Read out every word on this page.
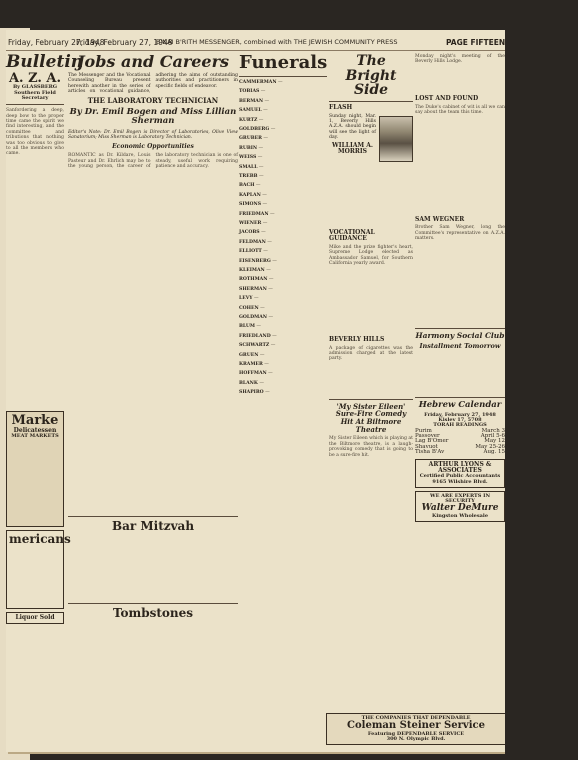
Friday, February 27, 1948
Friday, February 27, 1948
B'NAI B'RITH MESSENGER, combined with THE JEWISH COMMUNITY PRESS	PAGE FIFTEEN
Bulletin
A. Z. A.
By GLASSBERG
Southern Field Secretary
Sanfordering a deep, deep bow to the proper time came the spirit we find interesting, and the committee and tributions that nothing was too obvious to give to all the members who came.
Marke
Delicatessen
MEAT MARKETS
mericans
Liquor Sold
Jobs and Careers
The Messenger and the Vocational Counseling Bureau present herewith another in the series of articles on vocational guidance, adhering the aims of outstanding authorities and practitioners in specific fields of endeavor.
THE LABORATORY TECHNICIAN
By Dr. Emil Bogen and Miss Lillian Sherman
Editor's Note: Dr. Emil Bogen is Director of Laboratories, Olive View Sanatorium; Miss Sherman is Laboratory Technician.
Economic Opportunities
ROMANTIC as Dr. Kildare, Louis Pasteur and Dr. Ehrlich may be to the young person, the career of the laboratory technician is one of steady, useful work requiring patience and accuracy.
Bar Mitzvah
Tombstones
Funerals
CAMMERMAN —
TOBIAS —
BERMAN —
SAMUEL —
KURTZ —
GOLDBERG —
GRUBER —
RUBIN —
WEISS —
SMALL —
TREBB —
BACH —
KAPLAN —
SIMONS —
FRIEDMAN —
WIENER —
JACOBS —
FELDMAN —
ELLIOTT —
EISENBERG —
KLEIMAN —
ROTHMAN —
SHERMAN —
LEVY —
COHEN —
GOLDMAN —
BLUM —
FRIEDLAND —
SCHWARTZ —
GRUEN —
KRAMER —
HOFFMAN —
BLANK —
SHAPIRO —
The Bright Side
FLASH
Sunday night, Mar. 1, Beverly Hills A.Z.A. should begin will see the light of day.
WILLIAM A. MORRIS
VOCATIONAL GUIDANCE
Mike and the prize fighter's heart, Supreme Lodge elected as Ambassador Samuel, for Southern California yearly award.
BEVERLY HILLS
A package of cigarettes was the admission charged at the latest party.
'My Sister Eileen' Sure-Fire Comedy Hit At Biltmore Theatre
My Sister Eileen which is playing at the Biltmore theatre, is a laugh-provoking comedy that is going to be a sure-fire hit.
Monday night's meeting of the Beverly Hills Lodge.
LOST AND FOUND
The Duke's cabinet of wit is all we can say about the team this time.
SAM WEGNER
Brother Sam Wegner, long the Committee's representative on A.Z.A. matters.
Harmony Social Club
Installment Tomorrow
Hebrew Calendar
Friday, February 27, 1948
Kislev 17, 5708
TORAH READINGS
Purim	March 3
Passover	April 5-6
Lag B'Omer	May 12
Shavuot	May 25-26
Tisha B'Av	Aug. 15
ARTHUR LYONS & ASSOCIATES
Certified Public Accountants
9165 Wilshire Blvd.
WE ARE EXPERTS IN SECURITY
Walter DeMure
Kingston Wholesale
THE COMPANIES THAT DEPENDABLE
Coleman Steiner Service
Featuring DEPENDABLE SERVICE
300 N. Olympic Blvd.
